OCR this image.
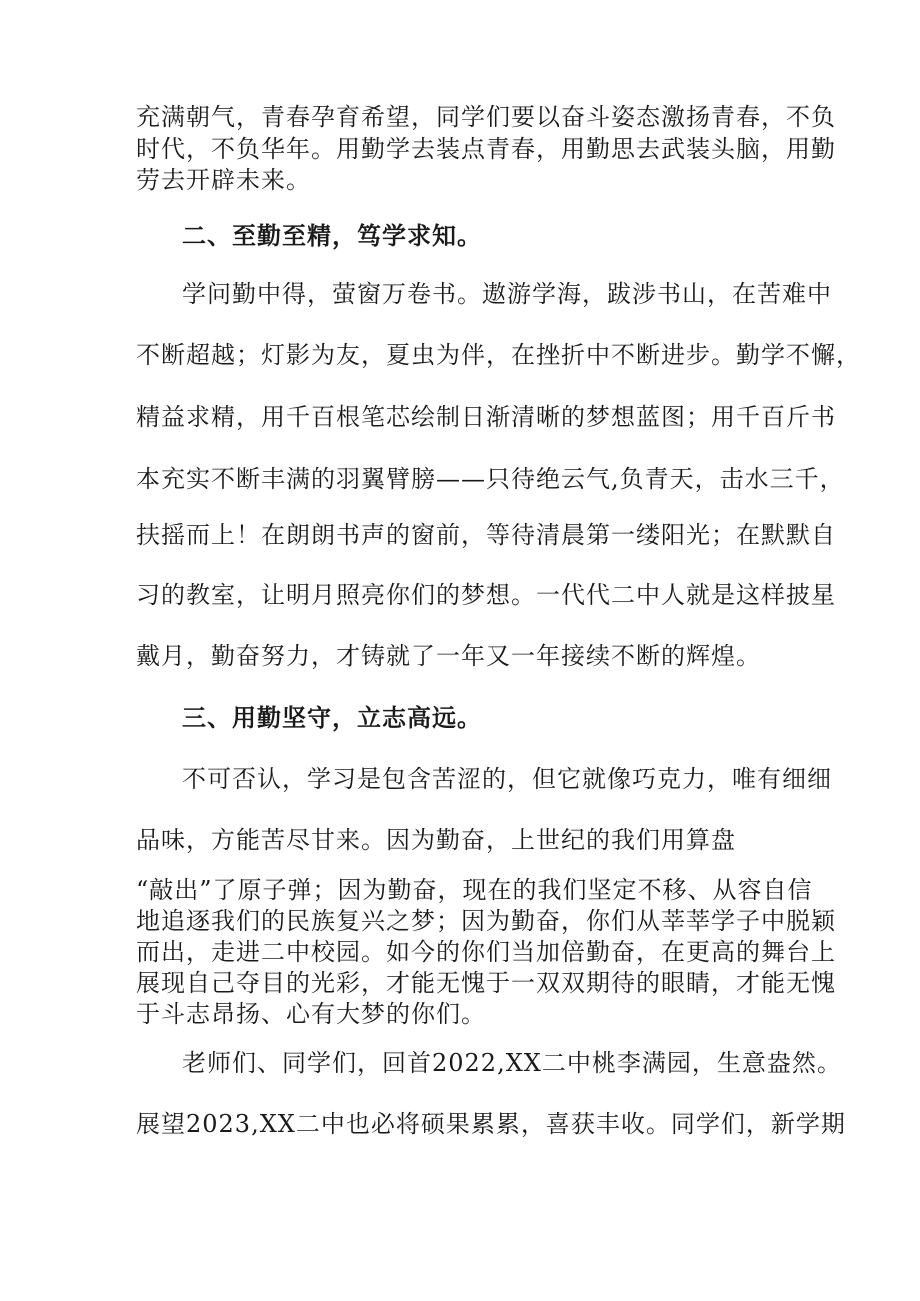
充满朝气，青春孕育希望，同学们要以奋斗姿态激扬青春，不负
时代，不负华年。用勤学去装点青春，用勤思去武装头脑，用勤
劳去开辟未来。
二、至勤至精，笃学求知。
学问勤中得，萤窗万卷书。遨游学海，跋涉书山，在苦难中
不断超越；灯影为友，夏虫为伴，在挫折中不断进步。勤学不懈，
精益求精，用千百根笔芯绘制日渐清晰的梦想蓝图；用千百斤书
本充实不断丰满的羽翼臂膀——只待绝云气,负青天，击水三千，
扶摇而上！在朗朗书声的窗前，等待清晨第一缕阳光；在默默自
习的教室，让明月照亮你们的梦想。一代代二中人就是这样披星
戴月，勤奋努力，才铸就了一年又一年接续不断的辉煌。
三、用勤坚守，立志高远。
不可否认，学习是包含苦涩的，但它就像巧克力，唯有细细
品味，方能苦尽甘来。因为勤奋，上世纪的我们用算盘
“敲出”了原子弹；因为勤奋，现在的我们坚定不移、从容自信
地追逐我们的民族复兴之梦；因为勤奋，你们从莘莘学子中脱颖
而出，走进二中校园。如今的你们当加倍勤奋，在更高的舞台上
展现自己夺目的光彩，才能无愧于一双双期待的眼睛，才能无愧
于斗志昂扬、心有大梦的你们。
老师们、同学们，回首2022,XX二中桃李满园，生意盎然。
展望2023,XX二中也必将硕果累累，喜获丰收。同学们，新学期
